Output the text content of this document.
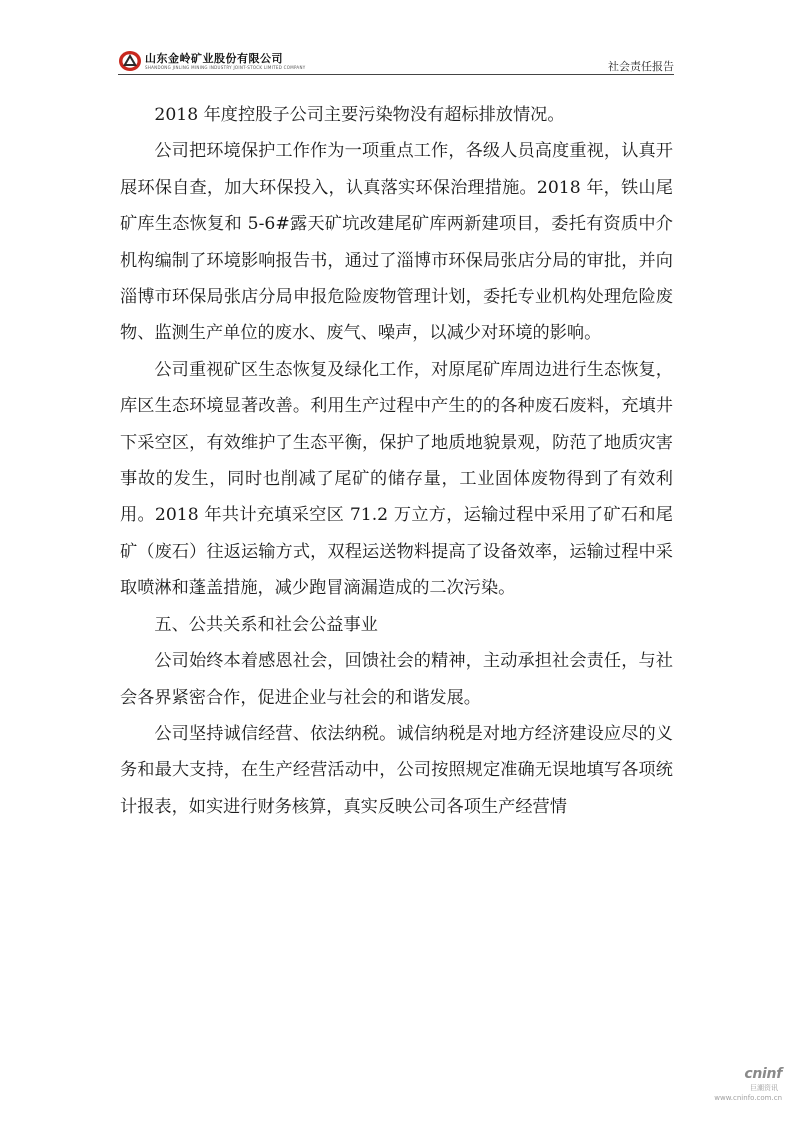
山东金岭矿业股份有限公司
SHANDONG JINLING MINING INDUSTRY JOINT-STOCK LIMITED COMPANY	社会责任报告

2018 年度控股子公司主要污染物没有超标排放情况。

公司把环境保护工作作为一项重点工作，各级人员高度重视，认真开展环保自查，加大环保投入，认真落实环保治理措施。2018 年，铁山尾矿库生态恢复和 5-6#露天矿坑改建尾矿库两新建项目，委托有资质中介机构编制了环境影响报告书，通过了淄博市环保局张店分局的审批，并向淄博市环保局张店分局申报危险废物管理计划，委托专业机构处理危险废物、监测生产单位的废水、废气、噪声，以减少对环境的影响。

公司重视矿区生态恢复及绿化工作，对原尾矿库周边进行生态恢复，库区生态环境显著改善。利用生产过程中产生的的各种废石废料，充填井下采空区，有效维护了生态平衡，保护了地质地貌景观，防范了地质灾害事故的发生，同时也削减了尾矿的储存量，工业固体废物得到了有效利用。2018 年共计充填采空区 71.2 万立方，运输过程中采用了矿石和尾矿（废石）往返运输方式，双程运送物料提高了设备效率，运输过程中采取喷淋和蓬盖措施，减少跑冒滴漏造成的二次污染。

五、公共关系和社会公益事业

公司始终本着感恩社会，回馈社会的精神，主动承担社会责任，与社会各界紧密合作，促进企业与社会的和谐发展。

公司坚持诚信经营、依法纳税。诚信纳税是对地方经济建设应尽的义务和最大支持，在生产经营活动中，公司按照规定准确无误地填写各项统计报表，如实进行财务核算，真实反映公司各项生产经营情

cninf
巨潮资讯
www.cninfo.com.cn
